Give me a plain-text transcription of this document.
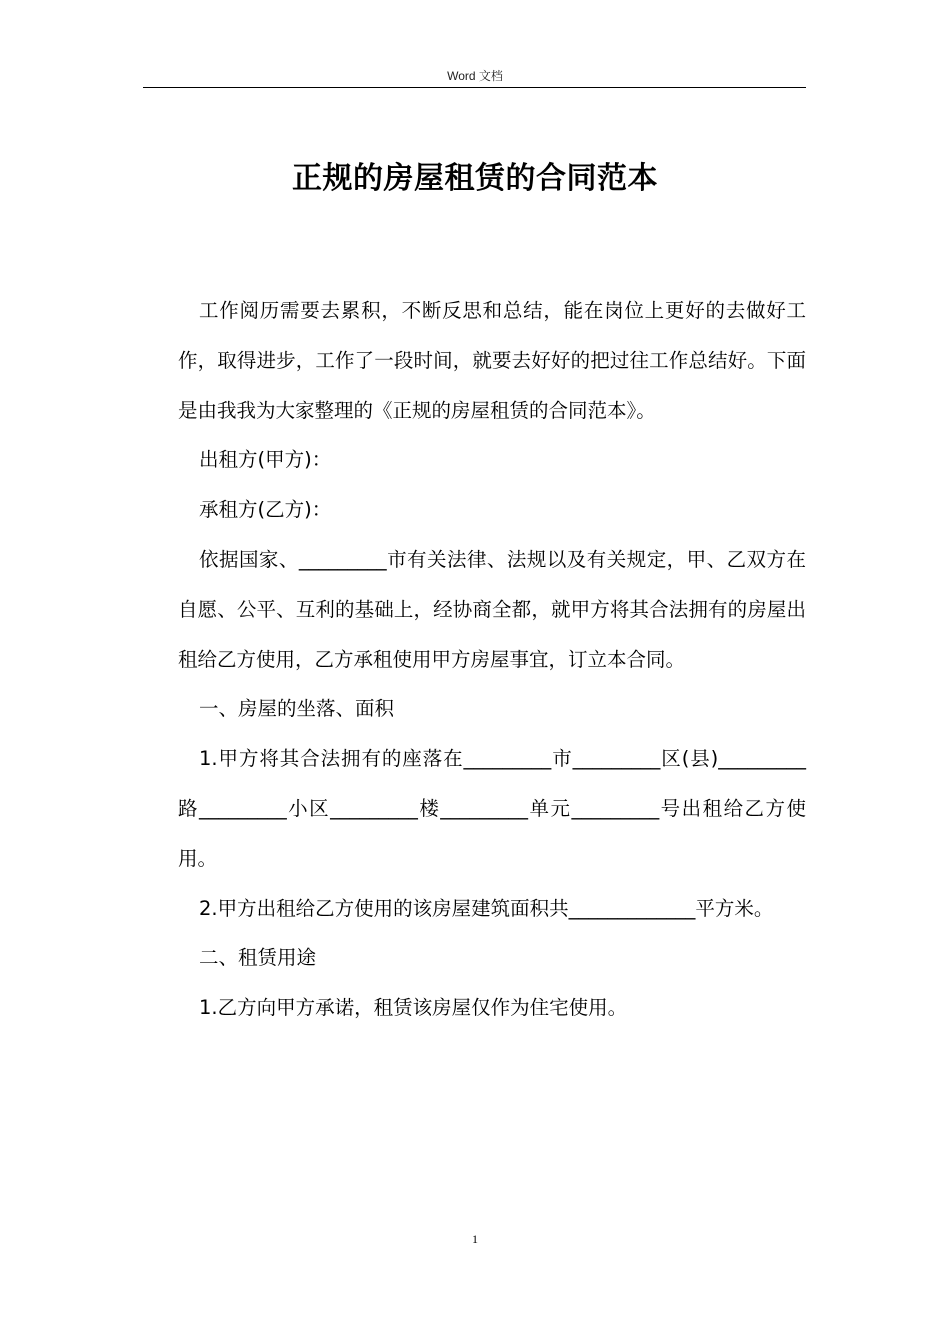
Word 文档
正规的房屋租赁的合同范本

工作阅历需要去累积，不断反思和总结，能在岗位上更好的去做好工作，取得进步，工作了一段时间，就要去好好的把过往工作总结好。下面是由我我为大家整理的《正规的房屋租赁的合同范本》。

出租方(甲方)：

承租方(乙方)：

依据国家、_________市有关法律、法规以及有关规定，甲、乙双方在自愿、公平、互利的基础上，经协商全都，就甲方将其合法拥有的房屋出租给乙方使用，乙方承租使用甲方房屋事宜，订立本合同。

一、房屋的坐落、面积

1.甲方将其合法拥有的座落在_________市_________区(县)_________路_________小区_________楼_________单元_________号出租给乙方使用。

2.甲方出租给乙方使用的该房屋建筑面积共_____________平方米。

二、租赁用途

1.乙方向甲方承诺，租赁该房屋仅作为住宅使用。

1
